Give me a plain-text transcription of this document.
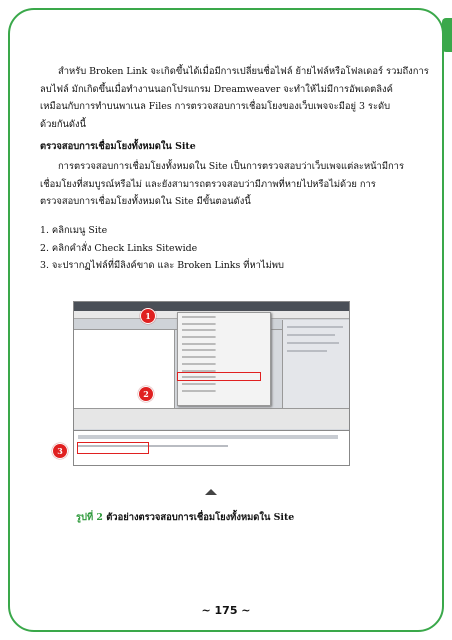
สำหรับ Broken Link จะเกิดขึ้นได้เมื่อมีการเปลี่ยนชื่อไฟล์ ย้ายไฟล์หรือโฟลเดอร์ รวมถึงการ
ลบไฟล์ มักเกิดขึ้นเมื่อทำงานนอกโปรแกรม Dreamweaver จะทำให้ไม่มีการอัพเดตลิงค์
เหมือนกับการทำบนพาเนล Files การตรวจสอบการเชื่อมโยงของเว็บเพจจะมีอยู่ 3 ระดับ
ด้วยกันดังนี้
ตรวจสอบการเชื่อมโยงทั้งหมดใน Site
การตรวจสอบการเชื่อมโยงทั้งหมดใน Site เป็นการตรวจสอบว่าเว็บเพจแต่ละหน้ามีการ
เชื่อมโยงที่สมบูรณ์หรือไม่ และยังสามารถตรวจสอบว่ามีภาพที่หายไปหรือไม่ด้วย การ
ตรวจสอบการเชื่อมโยงทั้งหมดใน Site มีขั้นตอนดังนี้
1. คลิกเมนู Site
2. คลิกคำสั่ง Check Links Sitewide
3. จะปรากฏไฟล์ที่มีลิงค์ขาด และ Broken Links ที่หาไม่พบ
1
2
3
รูปที่ 2 ตัวอย่างตรวจสอบการเชื่อมโยงทั้งหมดใน Site
~ 175 ~
